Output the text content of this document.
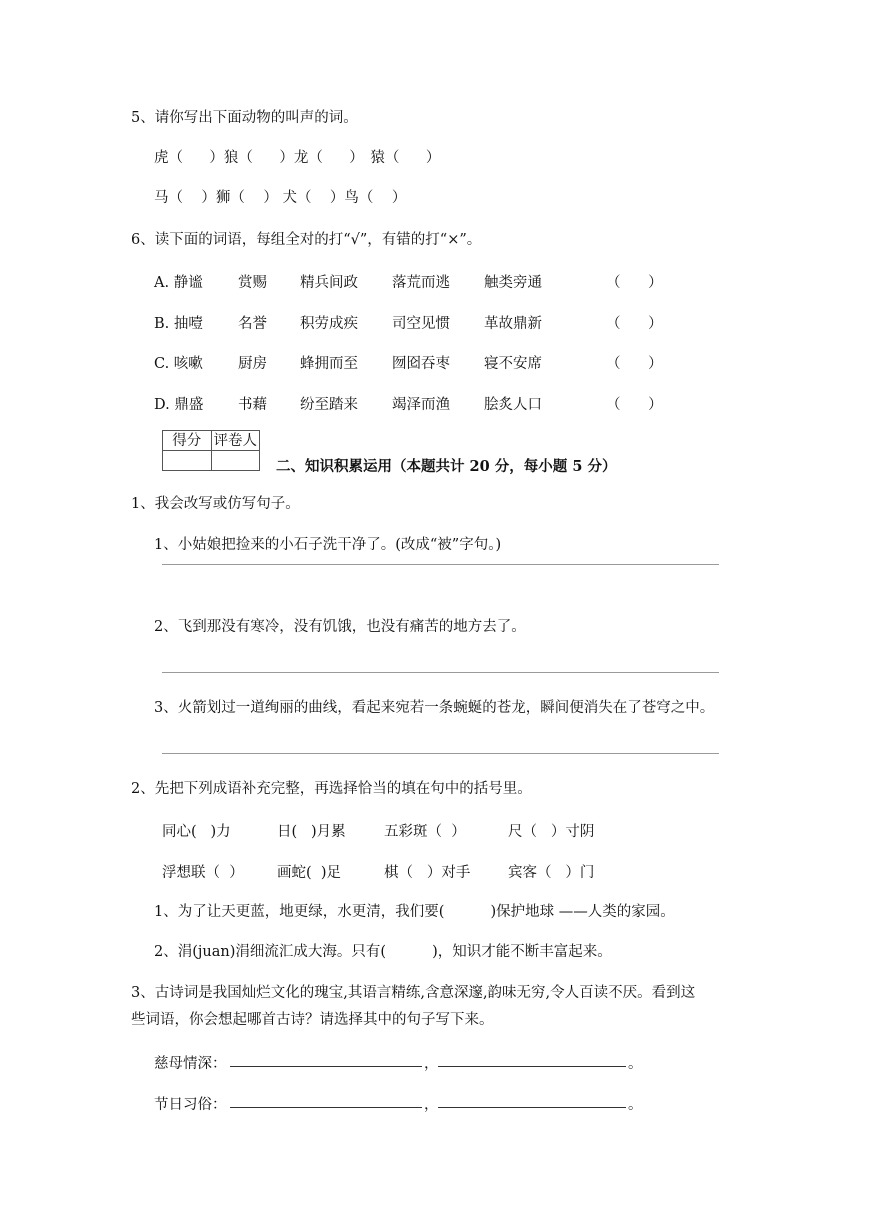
5、请你写出下面动物的叫声的词。
虎（    ）狼（    ）龙（    ） 猿（    ）
马（    ）狮（    ） 犬（    ）鸟（    ）
6、读下面的词语，每组全对的打“√”，有错的打“×”。
A. 静谧 赏赐 精兵间政 落荒而逃 触类旁通	（      ）
B. 抽噎 名誉 积劳成疾 司空见惯 革故鼎新	（      ）
C. 咳嗽 厨房 蜂拥而至 囫囵吞枣 寝不安席	（      ）
D. 鼎盛 书藉 纷至踏来 竭泽而渔 脍炙人口	（      ）
得分	评卷人

二、知识积累运用（本题共计 20 分，每小题 5 分）
1、我会改写或仿写句子。
1、小姑娘把捡来的小石子洗干净了。(改成“被”字句。)
2、飞到那没有寒冷，没有饥饿，也没有痛苦的地方去了。
3、火箭划过一道绚丽的曲线，看起来宛若一条蜿蜒的苍龙，瞬间便消失在了苍穹之中。
2、先把下列成语补充完整，再选择恰当的填在句中的括号里。
同心(   )力	日(   )月累	五彩斑（  ）	尺（   ）寸阴
浮想联（  ） 画蛇(  )足	棋（   ）对手	宾客（   ）门
1、为了让天更蓝，地更绿，水更清，我们要(          )保护地球 ——人类的家园。
2、涓(juan)涓细流汇成大海。只有(          )，知识才能不断丰富起来。
3、古诗词是我国灿烂文化的瑰宝,其语言精练,含意深邃,韵味无穷,令人百读不厌。看到这
些词语，你会想起哪首古诗？请选择其中的句子写下来。
慈母情深：	，	。
节日习俗：	，	。
